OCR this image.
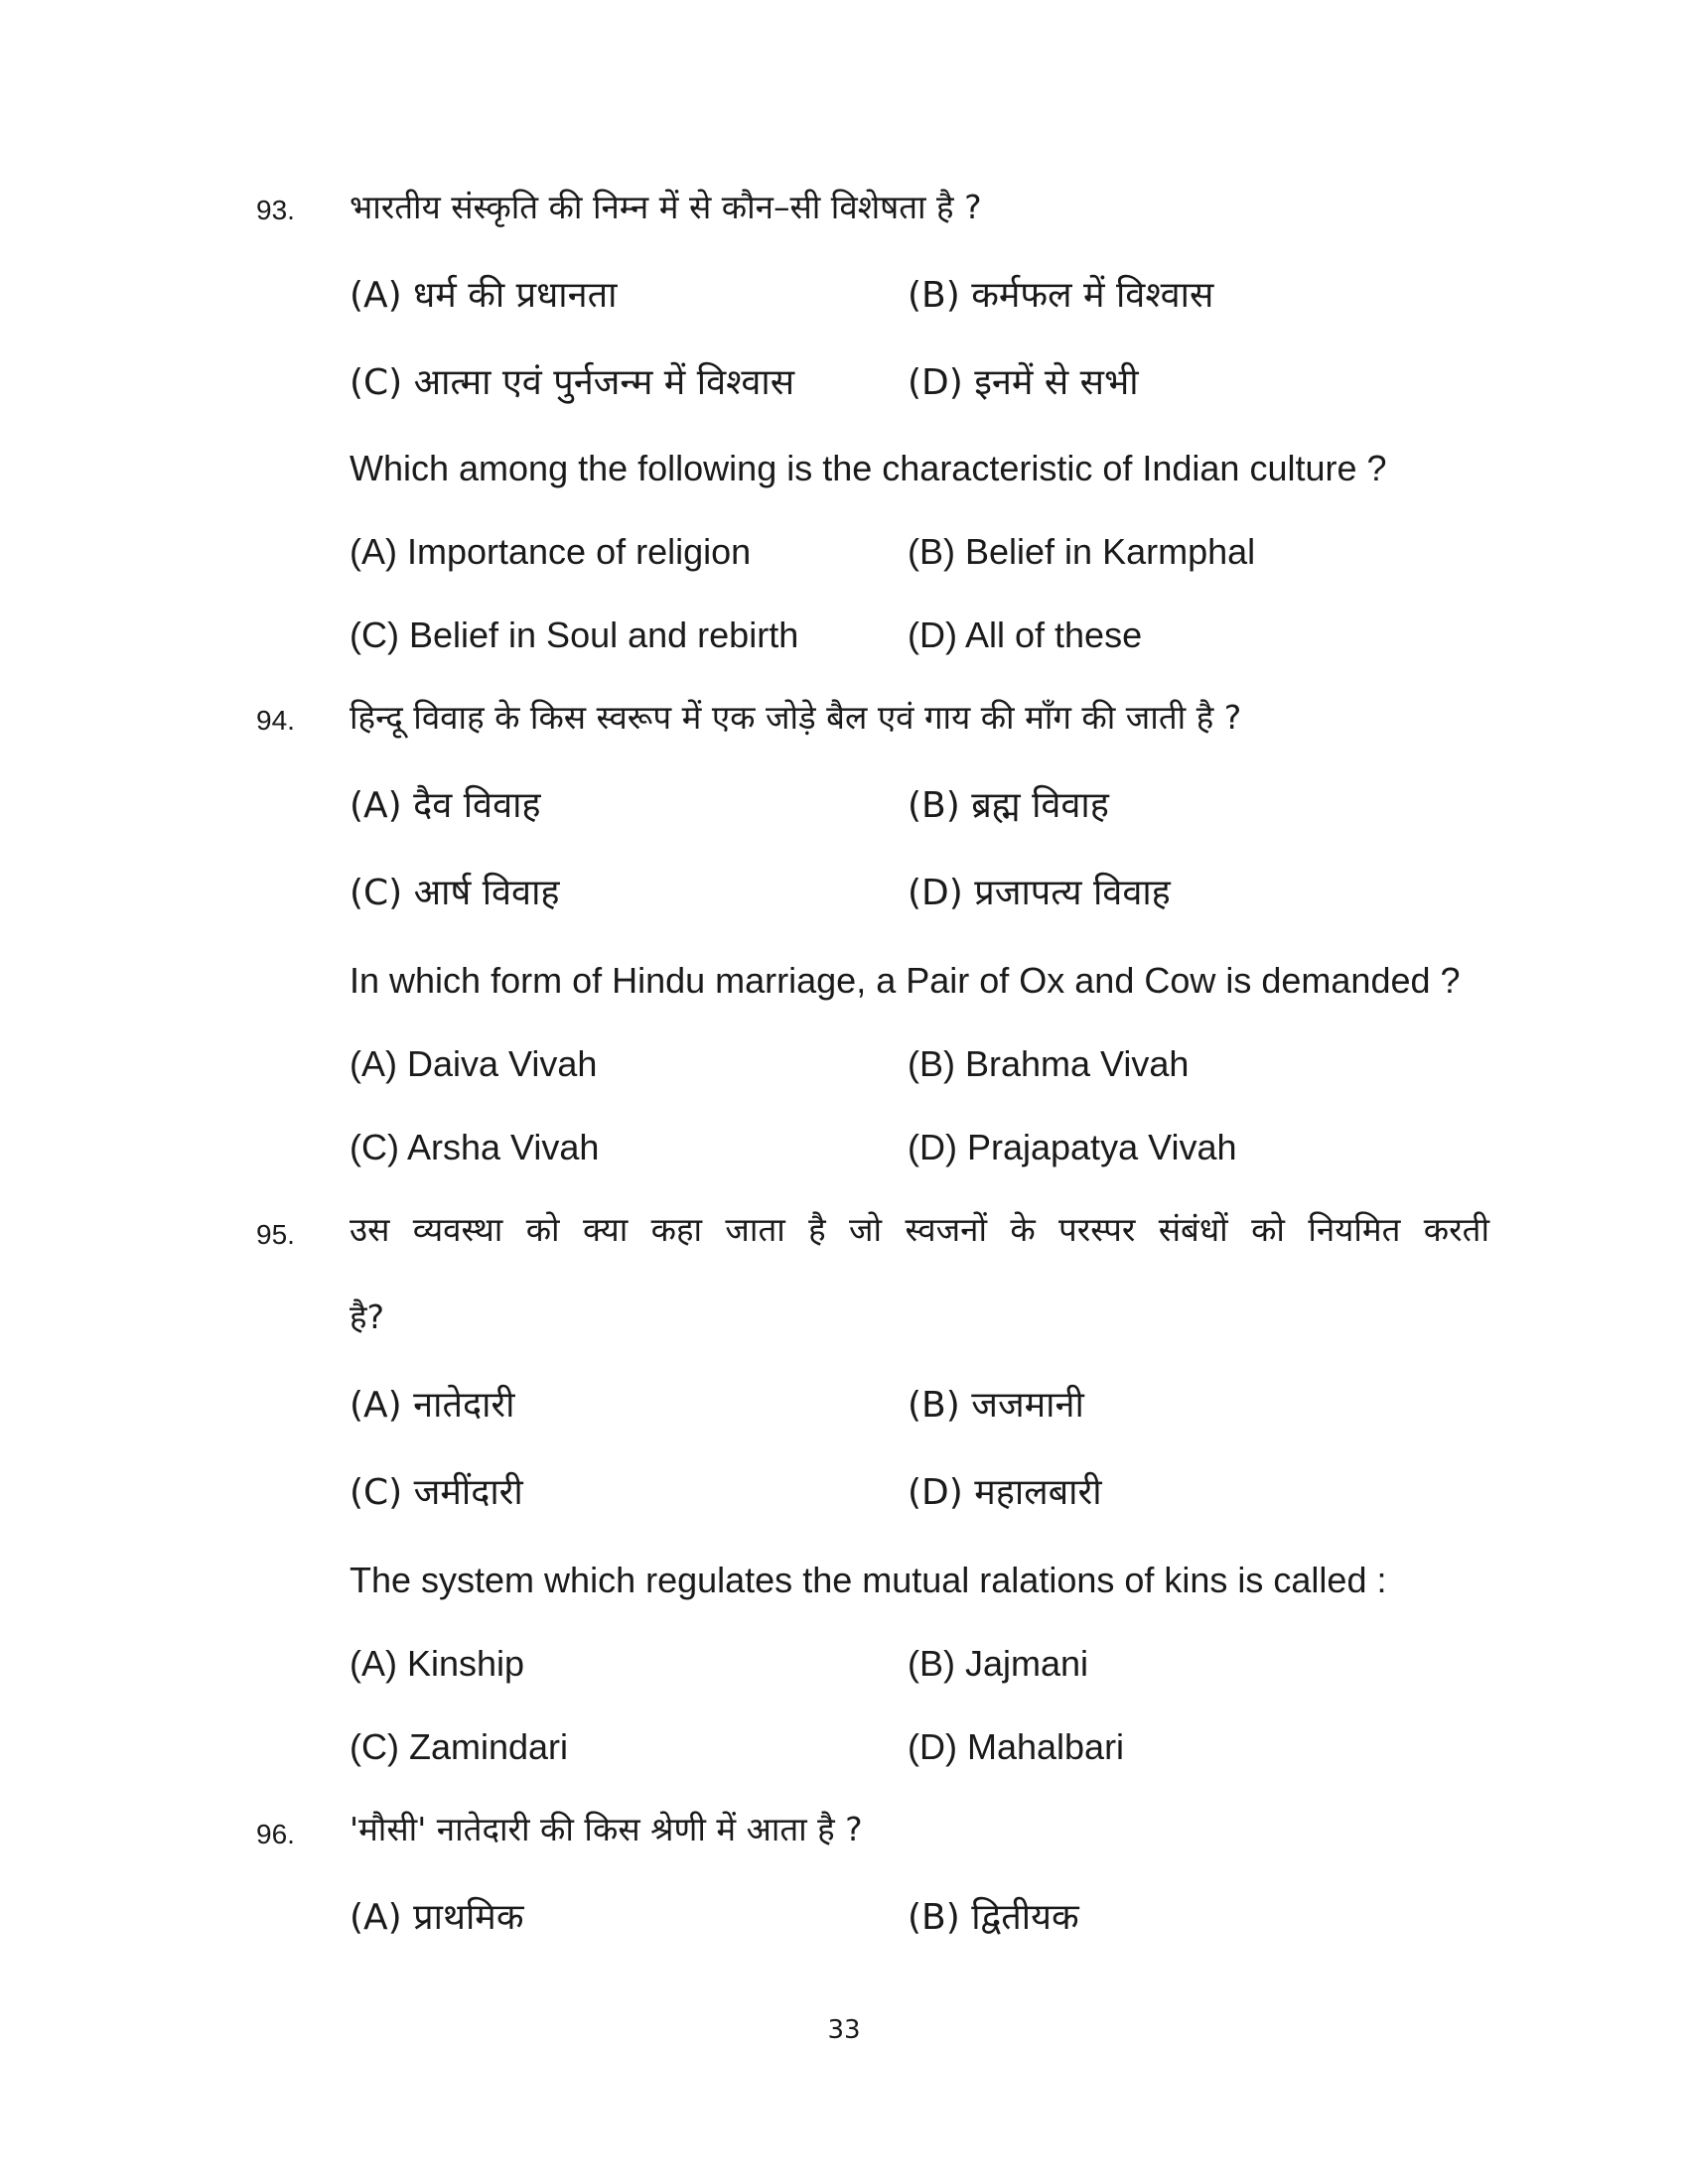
93. भारतीय संस्कृति की निम्न में से कौन–सी विशेषता है ?
(A) धर्म की प्रधानता	(B) कर्मफल में विश्वास
(C) आत्मा एवं पुर्नजन्म में विश्वास	(D) इनमें से सभी
Which among the following is the characteristic of Indian culture ?
(A) Importance of religion	(B) Belief in Karmphal
(C) Belief in Soul and rebirth	(D) All of these
94. हिन्दू विवाह के किस स्वरूप में एक जोड़े बैल एवं गाय की माँग की जाती है ?
(A) दैव विवाह	(B) ब्रह्म विवाह
(C) आर्ष विवाह	(D) प्रजापत्य विवाह
In which form of Hindu marriage, a Pair of Ox and Cow is demanded ?
(A) Daiva Vivah	(B) Brahma Vivah
(C) Arsha Vivah	(D) Prajapatya Vivah
95. उस व्यवस्था को क्या कहा जाता है जो स्वजनों के परस्पर संबंधों को नियमित करती
है?
(A) नातेदारी	(B) जजमानी
(C) जमींदारी	(D) महालबारी
The system which regulates the mutual ralations of kins is called :
(A) Kinship	(B) Jajmani
(C) Zamindari	(D) Mahalbari
96. 'मौसी' नातेदारी की किस श्रेणी में आता है ?
(A) प्राथमिक	(B) द्वितीयक
33
